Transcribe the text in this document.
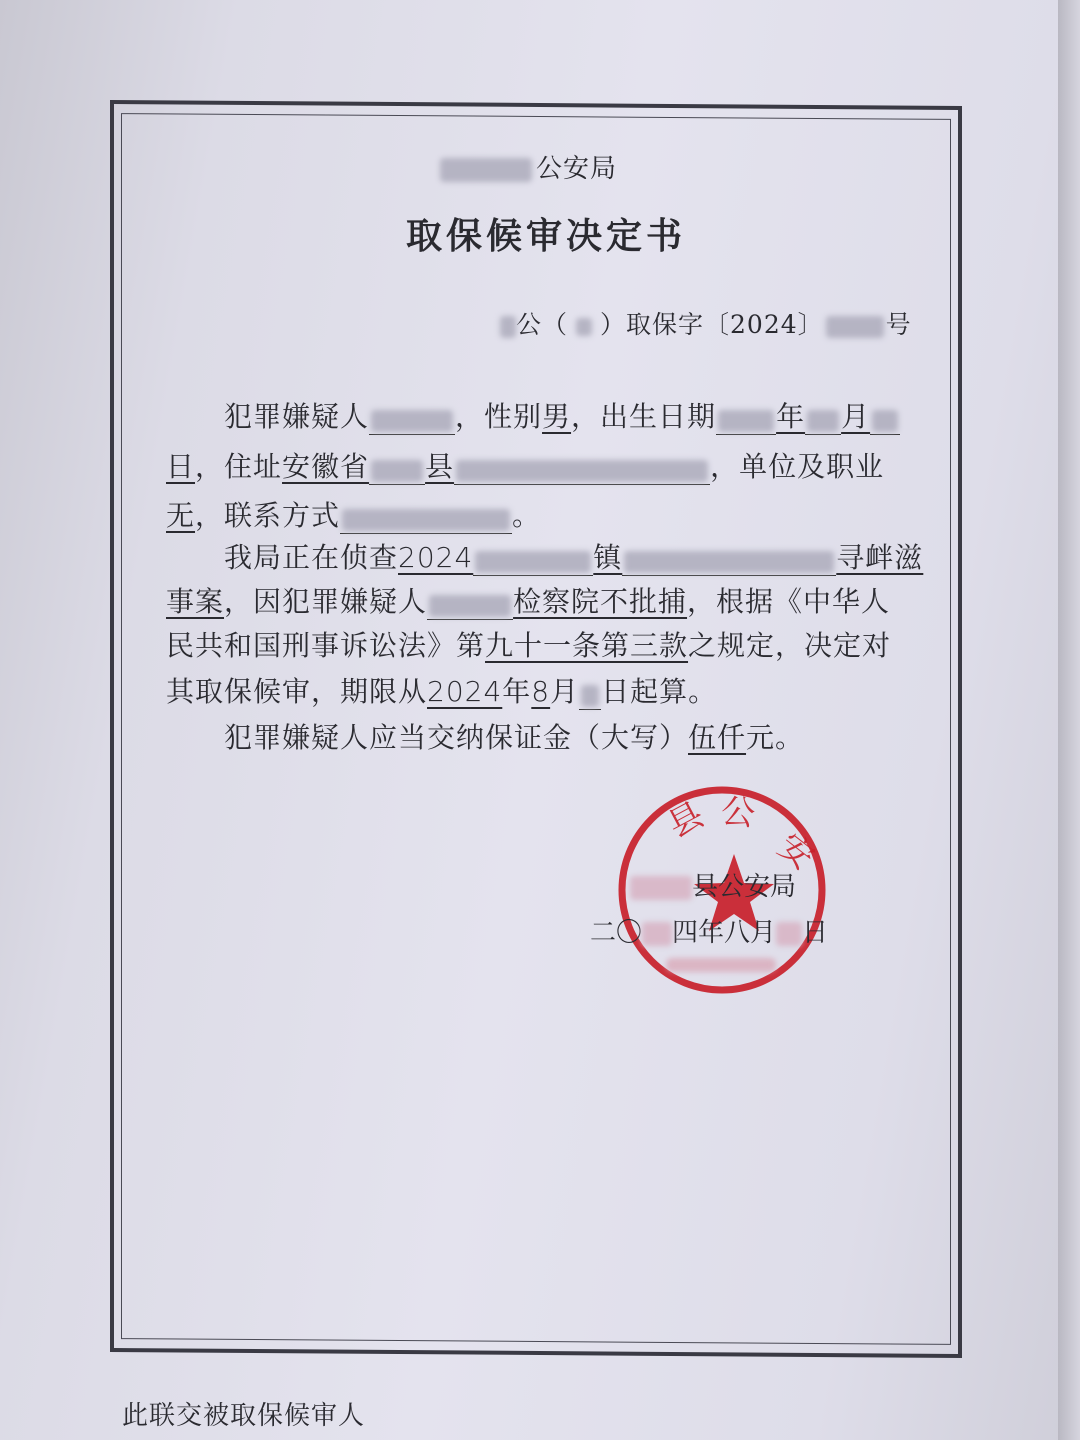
公安局
取保候审决定书
公（ ）取保字〔2024〕 号
犯罪嫌疑人	，性别男，出生日期 年 月
日，住址安徽省 县	，单位及职业
无，联系方式	。
我局正在侦查2024	镇	寻衅滋
事案，因犯罪嫌疑人	检察院不批捕，根据《中华人
民共和国刑事诉讼法》第九十一条第三款之规定，决定对
其取保候审，期限从2024年8月 日起算。
犯罪嫌疑人应当交纳保证金（大写）伍仟元。
县 公
安
县公安局
二〇 四年八月 日
此联交被取保候审人
